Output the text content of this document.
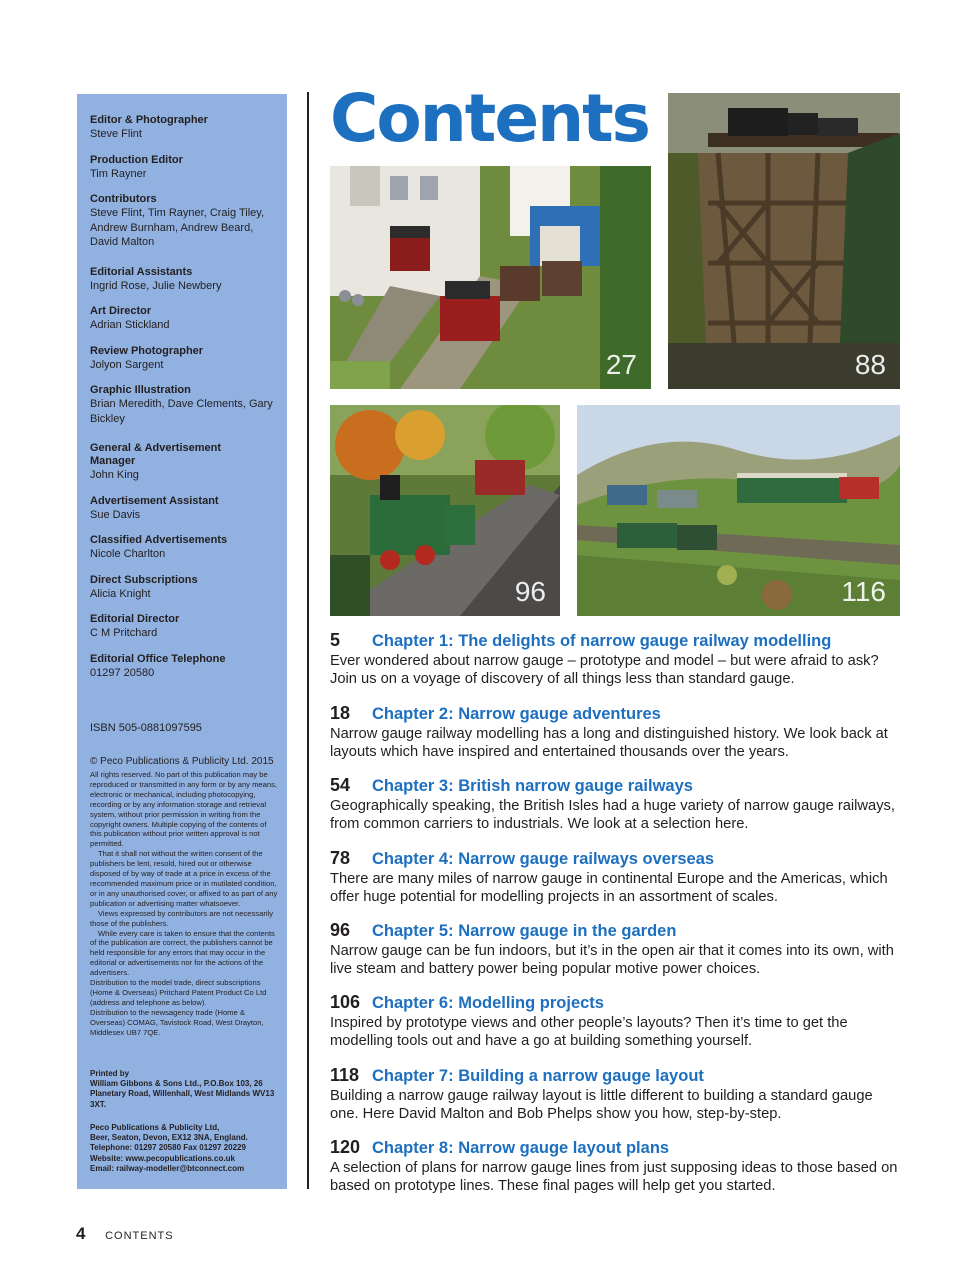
Editor & Photographer
Steve Flint
Production Editor
Tim Rayner
Contributors
Steve Flint, Tim Rayner, Craig Tiley, Andrew Burnham, Andrew Beard, David Malton
Editorial Assistants
Ingrid Rose, Julie Newbery
Art Director
Adrian Stickland
Review Photographer
Jolyon Sargent
Graphic Illustration
Brian Meredith, Dave Clements, Gary Bickley
General & Advertisement Manager
John King
Advertisement Assistant
Sue Davis
Classified Advertisements
Nicole Charlton
Direct Subscriptions
Alicia Knight
Editorial Director
C M Pritchard
Editorial Office Telephone
01297 20580
ISBN 505-0881097595
© Peco Publications & Publicity Ltd. 2015

All rights reserved. No part of this publication may be reproduced or transmitted in any form or by any means, electronic or mechanical, including photocopying, recording or by any information storage and retrieval system, without prior permission in writing from the copyright owners. Multiple copying of the contents of this publication without prior written approval is not permitted.

That it shall not without the written consent of the publishers be lent, resold, hired out or otherwise disposed of by way of trade at a price in excess of the recommended maximum price or in mutilated condition, or in any unauthorised cover, or affixed to as part of any publication or advertising matter whatsoever.

Views expressed by contributors are not necessarily those of the publishers.

While every care is taken to ensure that the contents of the publication are correct, the publishers cannot be held responsible for any errors that may occur in the editorial or advertisements nor for the actions of the advertisers.

Distribution to the model trade, direct subscriptions (Home & Overseas) Pritchard Patent Product Co Ltd (address and telephone as below).

Distribution to the newsagency trade (Home & Overseas) COMAG, Tavistock Road, West Drayton, Middlesex UB7 7QE.

Printed by
William Gibbons & Sons Ltd., P.O.Box 103, 26 Planetary Road, Willenhall, West Midlands WV13 3XT.
Peco Publications & Publicity Ltd,
Beer, Seaton, Devon, EX12 3NA, England.
Telephone: 01297 20580 Fax 01297 20229
Website: www.pecopublications.co.uk
Email: railway-modeller@btconnect.com
Contents
27	88
96	116
5 Chapter 1: The delights of narrow gauge railway modelling
Ever wondered about narrow gauge – prototype and model – but were afraid to ask? Join us on a voyage of discovery of all things less than standard gauge.
18 Chapter 2: Narrow gauge adventures
Narrow gauge railway modelling has a long and distinguished history. We look back at layouts which have inspired and entertained thousands over the years.
54 Chapter 3: British narrow gauge railways
Geographically speaking, the British Isles had a huge variety of narrow gauge railways, from common carriers to industrials. We look at a selection here.
78 Chapter 4: Narrow gauge railways overseas
There are many miles of narrow gauge in continental Europe and the Americas, which offer huge potential for modelling projects in an assortment of scales.
96 Chapter 5: Narrow gauge in the garden
Narrow gauge can be fun indoors, but it’s in the open air that it comes into its own, with live steam and battery power being popular motive power choices.
106 Chapter 6: Modelling projects
Inspired by prototype views and other people’s layouts? Then it’s time to get the modelling tools out and have a go at building something yourself.
118 Chapter 7: Building a narrow gauge layout
Building a narrow gauge railway layout is little different to building a standard gauge one. Here David Malton and Bob Phelps show you how, step-by-step.
120 Chapter 8: Narrow gauge layout plans
A selection of plans for narrow gauge lines from just supposing ideas to those based on based on prototype lines. These final pages will help get you started.
4 CONTENTS
